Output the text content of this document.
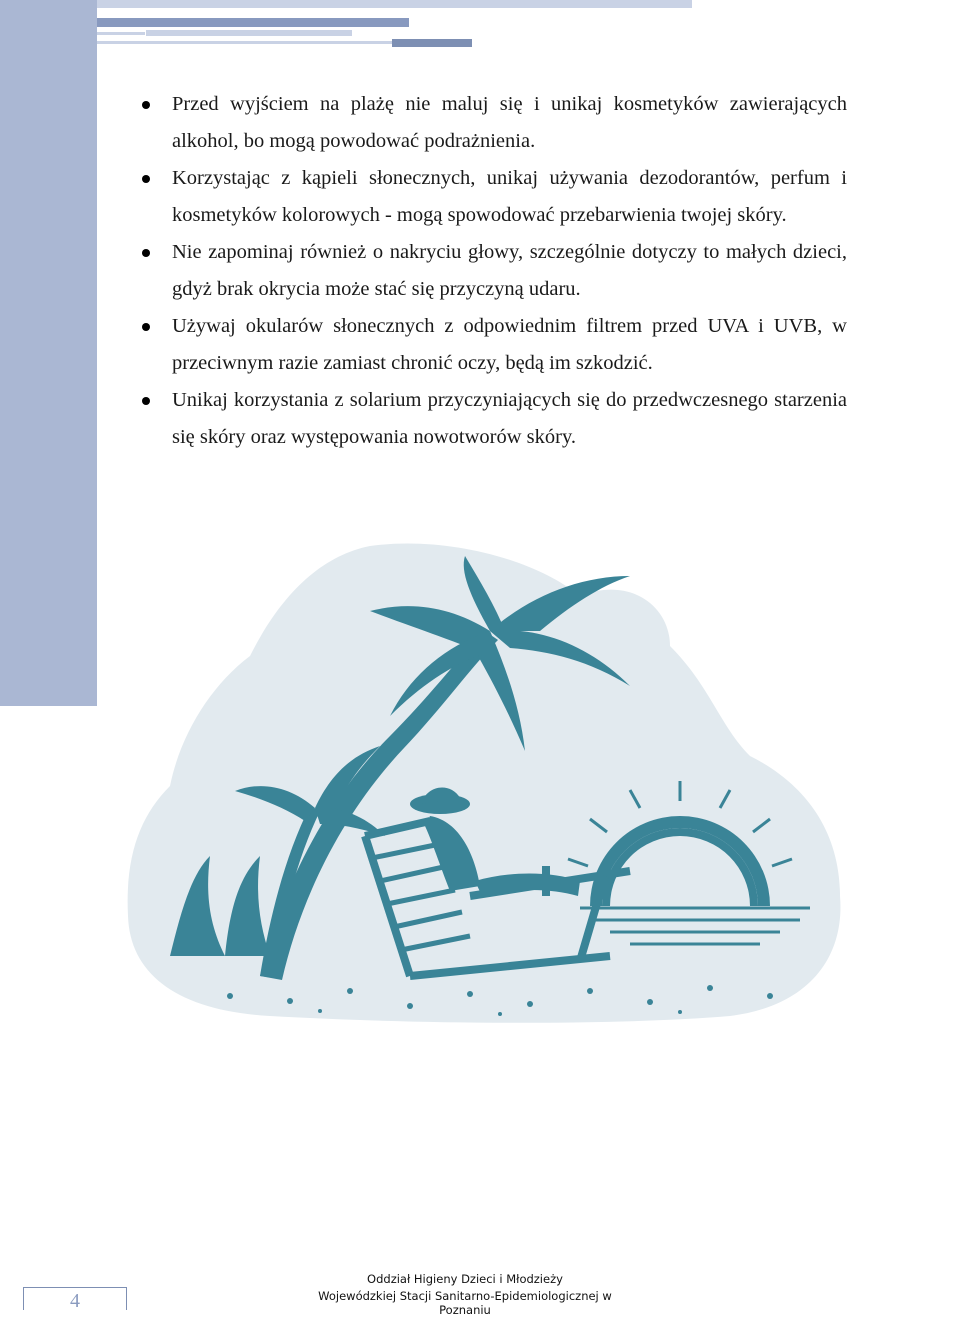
Przed wyjściem na plażę nie maluj się i unikaj kosmetyków zawierających alkohol, bo mogą powodować podrażnienia.
Korzystając z kąpieli słonecznych, unikaj używania dezodorantów, perfum i kosmetyków kolorowych - mogą spowodować przebarwienia twojej skóry.
Nie zapominaj również o nakryciu głowy, szczególnie dotyczy to małych dzieci, gdyż brak okrycia może stać się przyczyną udaru.
Używaj okularów słonecznych z odpowiednim filtrem przed UVA i UVB, w przeciwnym razie zamiast chronić oczy, będą im szkodzić.
Unikaj korzystania z solarium przyczyniających się do przedwczesnego starzenia się skóry oraz występowania nowotworów skóry.
4
Oddział Higieny Dzieci i Młodzieży
Wojewódzkiej Stacji Sanitarno-Epidemiologicznej w Poznaniu
